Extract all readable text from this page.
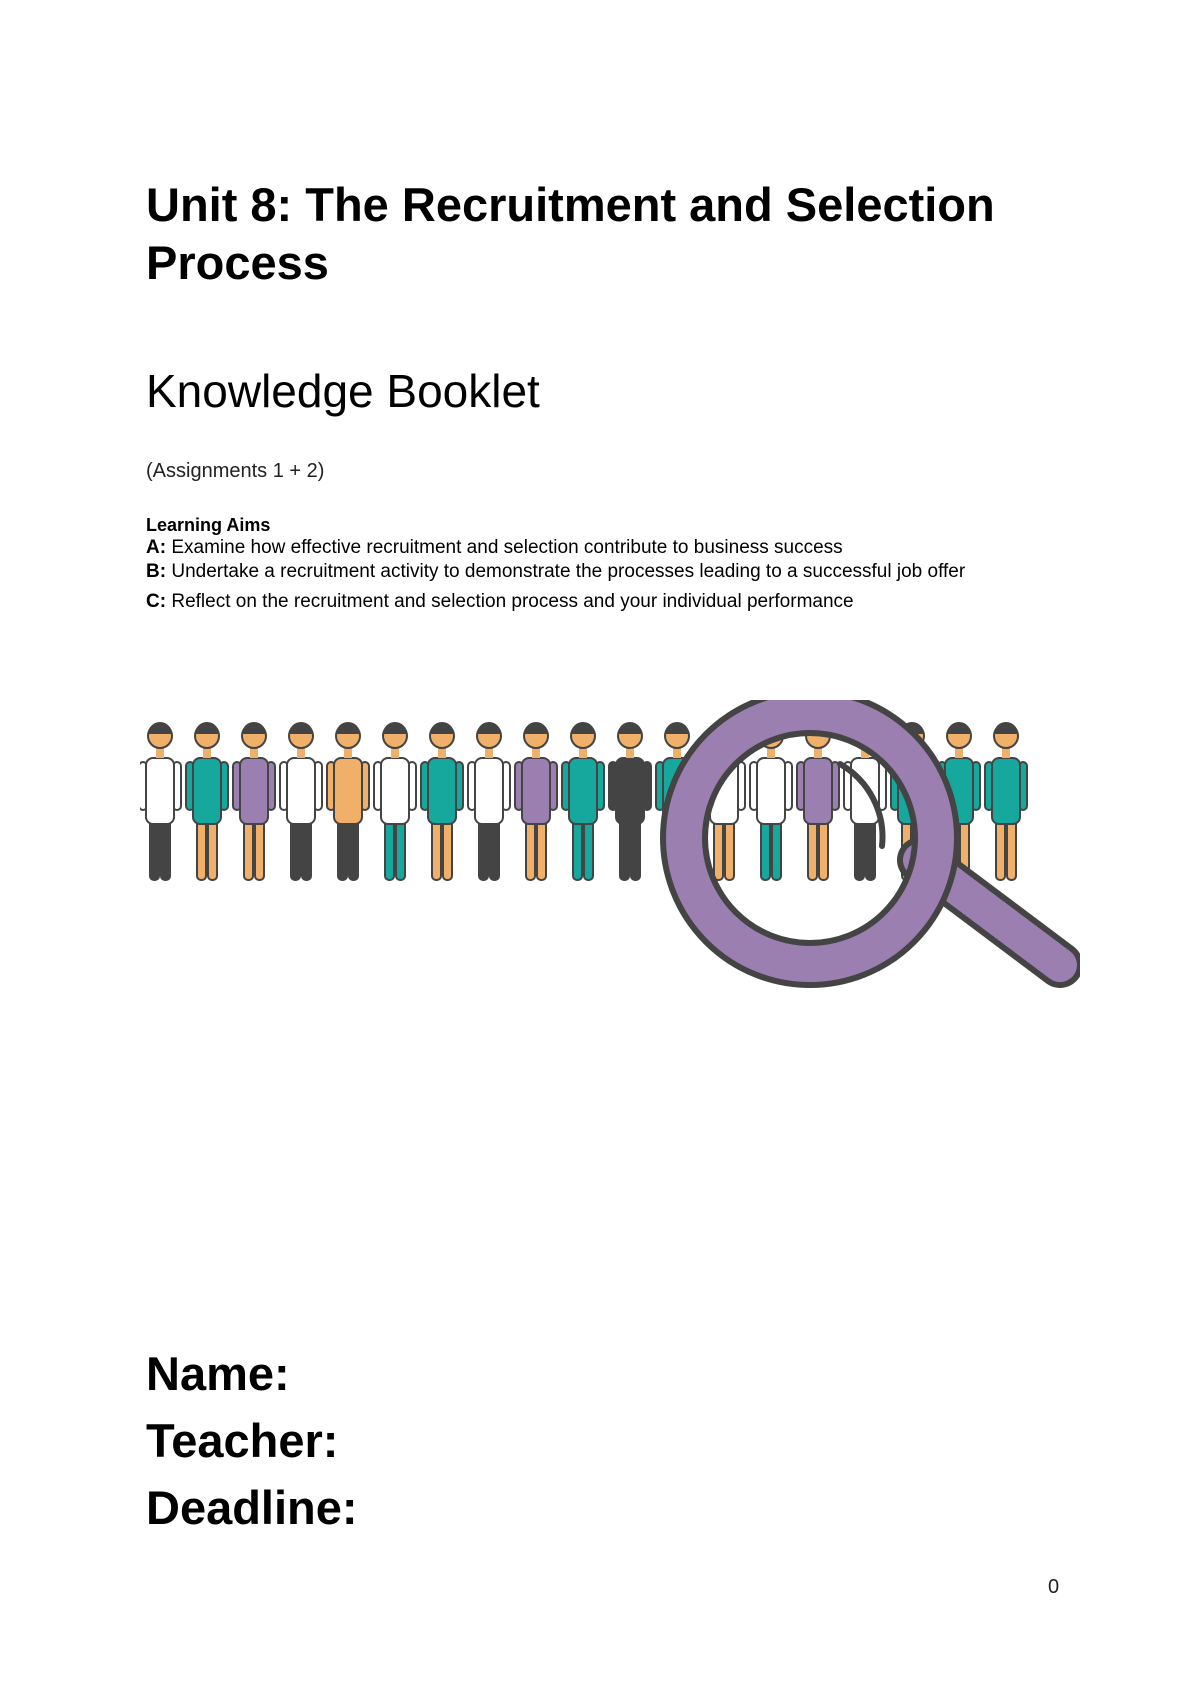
Unit 8: The Recruitment and Selection Process
Knowledge Booklet
(Assignments 1 + 2)
Learning Aims
A: Examine how effective recruitment and selection contribute to business success
B: Undertake a recruitment activity to demonstrate the processes leading to a successful job offer
C: Reflect on the recruitment and selection process and your individual performance
Name:
Teacher:
Deadline:
0
